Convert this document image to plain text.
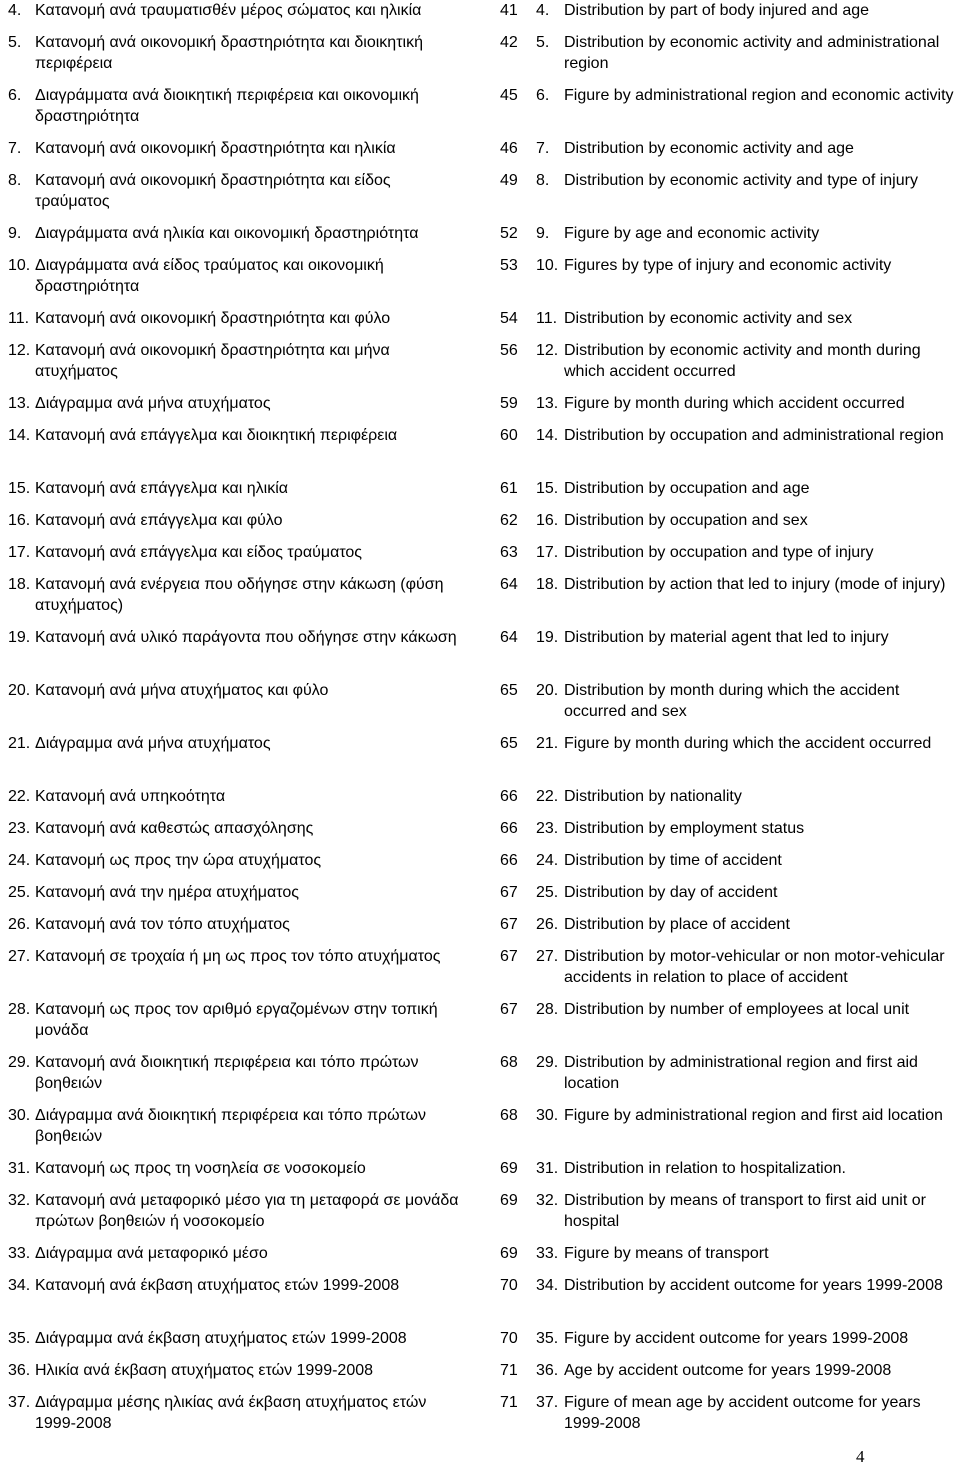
4. Κατανομή ανά τραυματισθέν μέρος σώματος και ηλικία	41	4. Distribution by part of body injured and age
5. Κατανομή ανά οικονομική δραστηριότητα και διοικητική περιφέρεια
42	5. Distribution by economic activity and administrational region
6. Διαγράμματα ανά διοικητική περιφέρεια και οικονομική δραστηριότητα
45	6. Figure by administrational region and economic activity
7. Κατανομή ανά οικονομική δραστηριότητα και ηλικία	46	7. Distribution by economic activity and age
8. Κατανομή ανά οικονομική δραστηριότητα και είδος τραύματος
49	8. Distribution by economic activity and type of injury
9. Διαγράμματα ανά ηλικία και οικονομική δραστηριότητα	52	9. Figure by age and economic activity
10. Διαγράμματα ανά είδος τραύματος και οικονομική δραστηριότητα
53	10. Figures by type of injury and economic activity
11. Κατανομή ανά οικονομική δραστηριότητα και φύλο	54	11. Distribution by economic activity and sex
12. Κατανομή ανά οικονομική δραστηριότητα και μήνα ατυχήματος
56	12. Distribution by economic activity and month during which accident occurred
13. Διάγραμμα ανά μήνα ατυχήματος	59	13. Figure by month during which accident occurred
14. Κατανομή ανά επάγγελμα και διοικητική περιφέρεια	60	14. Distribution by occupation and administrational region
15. Κατανομή ανά επάγγελμα και ηλικία	61	15. Distribution by occupation and age
16. Κατανομή ανά επάγγελμα και φύλο	62	16. Distribution by occupation and sex
17. Κατανομή ανά επάγγελμα και είδος τραύματος	63	17. Distribution by occupation and type of injury
18. Κατανομή ανά ενέργεια που οδήγησε στην κάκωση (φύση ατυχήματος)
64	18. Distribution by action that led to injury (mode of injury)
19. Κατανομή ανά υλικό παράγοντα που οδήγησε στην κάκωση	64	19. Distribution by material agent that led to injury
20. Κατανομή ανά μήνα ατυχήματος και φύλο	65	20. Distribution by month during which the accident occurred and sex
21. Διάγραμμα ανά μήνα ατυχήματος	65	21. Figure by month during which the accident occurred
22. Κατανομή ανά υπηκοότητα	66	22. Distribution by nationality
23. Κατανομή ανά καθεστώς απασχόλησης	66	23. Distribution by employment status
24. Κατανομή ως προς την ώρα ατυχήματος	66	24. Distribution by time of accident
25. Κατανομή ανά την ημέρα ατυχήματος	67	25. Distribution by day of accident
26. Κατανομή ανά τον τόπο ατυχήματος	67	26. Distribution by place of accident
27. Κατανομή σε τροχαία ή μη ως προς τον τόπο ατυχήματος	67	27. Distribution by motor-vehicular or non motor-vehicular accidents in relation to place of accident
28. Κατανομή ως προς τον αριθμό εργαζομένων στην τοπική μονάδα
67	28. Distribution by number of employees at local unit
29. Κατανομή ανά διοικητική περιφέρεια και τόπο πρώτων βοηθειών
68	29. Distribution by administrational region and first aid location
30. Διάγραμμα ανά διοικητική περιφέρεια και τόπο πρώτων βοηθειών
68	30. Figure by administrational region and first aid location
31. Κατανομή ως προς τη νοσηλεία σε νοσοκομείο	69	31. Distribution in relation to hospitalization.
32. Κατανομή ανά μεταφορικό μέσο για τη μεταφορά σε μονάδα πρώτων βοηθειών ή νοσοκομείο
69	32. Distribution by means of transport to first aid unit or hospital
33. Διάγραμμα ανά μεταφορικό μέσο	69	33. Figure by means of transport
34. Κατανομή ανά έκβαση ατυχήματος ετών 1999-2008	70	34. Distribution by accident outcome for years 1999-2008
35. Διάγραμμα ανά έκβαση ατυχήματος ετών 1999-2008	70	35. Figure by accident outcome for years 1999-2008
36. Ηλικία ανά έκβαση ατυχήματος ετών 1999-2008	71	36. Age by accident outcome for years 1999-2008
37. Διάγραμμα μέσης ηλικίας ανά έκβαση ατυχήματος ετών 1999-2008
71	37. Figure of mean age by accident outcome for years 1999-2008
4
